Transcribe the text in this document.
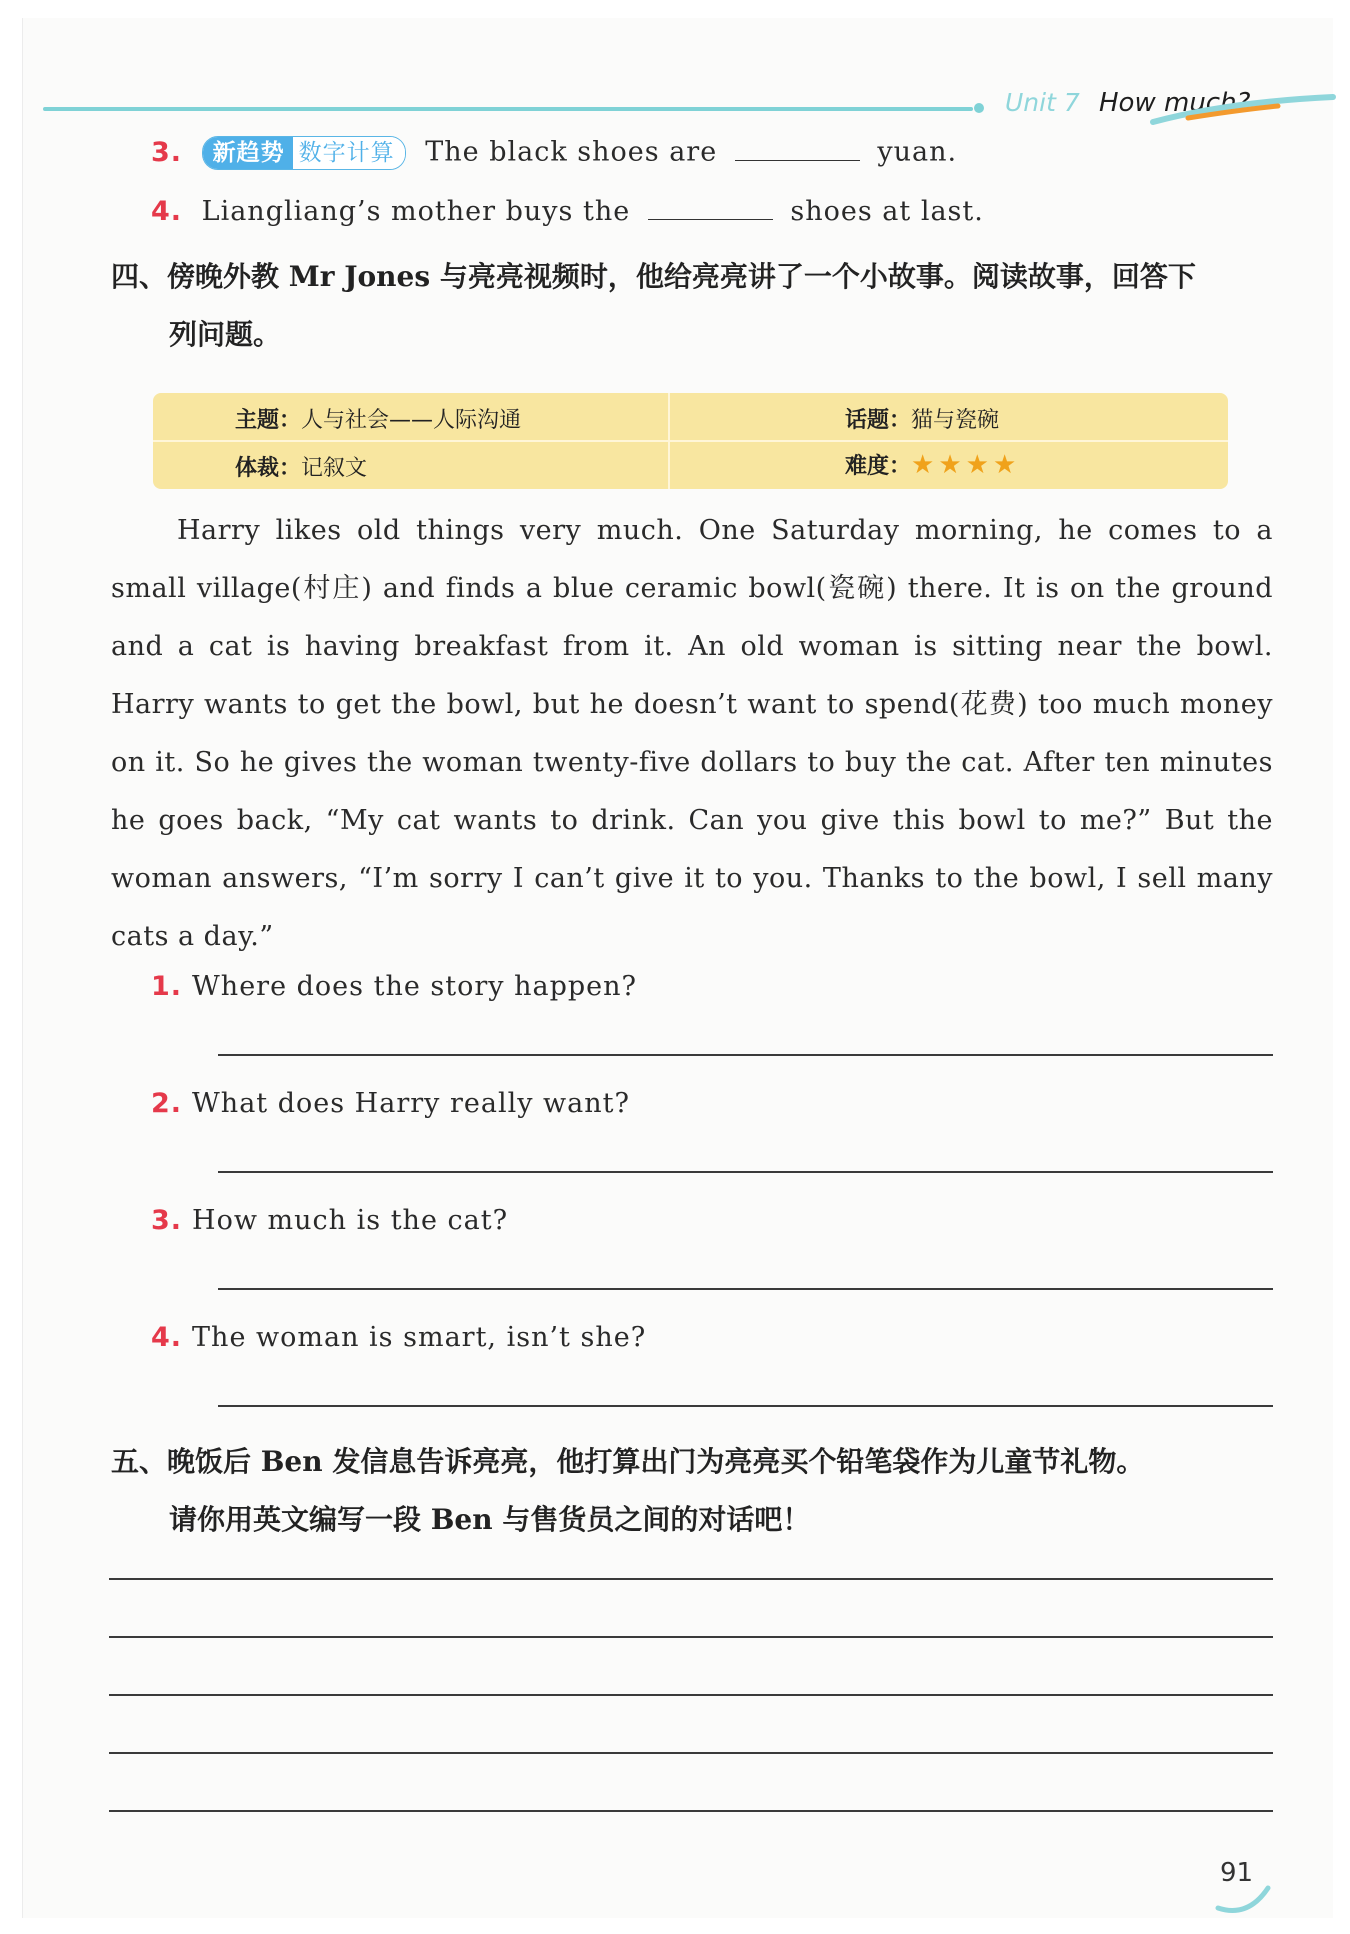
Unit 7 How much?
3. 新趋势 数字计算 The black shoes are	yuan.
4. Liangliang’s mother buys the	shoes at last.
四、傍晚外教 Mr Jones 与亮亮视频时，他给亮亮讲了一个小故事。阅读故事，回答下
列问题。
主题：人与社会——人际沟通	话题：猫与瓷碗
体裁：记叙文	难度：★★★★

Harry likes old things very much. One Saturday morning, he comes to a small village(村庄) and finds a blue ceramic bowl(瓷碗) there. It is on the ground and a cat is having breakfast from it. An old woman is sitting near the bowl. Harry wants to get the bowl, but he doesn’t want to spend(花费) too much money on it. So he gives the woman twenty-five dollars to buy the cat. After ten minutes he goes back, “My cat wants to drink. Can you give this bowl to me?” But the woman answers, “I’m sorry I can’t give it to you. Thanks to the bowl, I sell many cats a day.”

1. Where does the story happen?
2. What does Harry really want?
3. How much is the cat?
4. The woman is smart, isn’t she?
五、晚饭后 Ben 发信息告诉亮亮，他打算出门为亮亮买个铅笔袋作为儿童节礼物。
请你用英文编写一段 Ben 与售货员之间的对话吧！
91
